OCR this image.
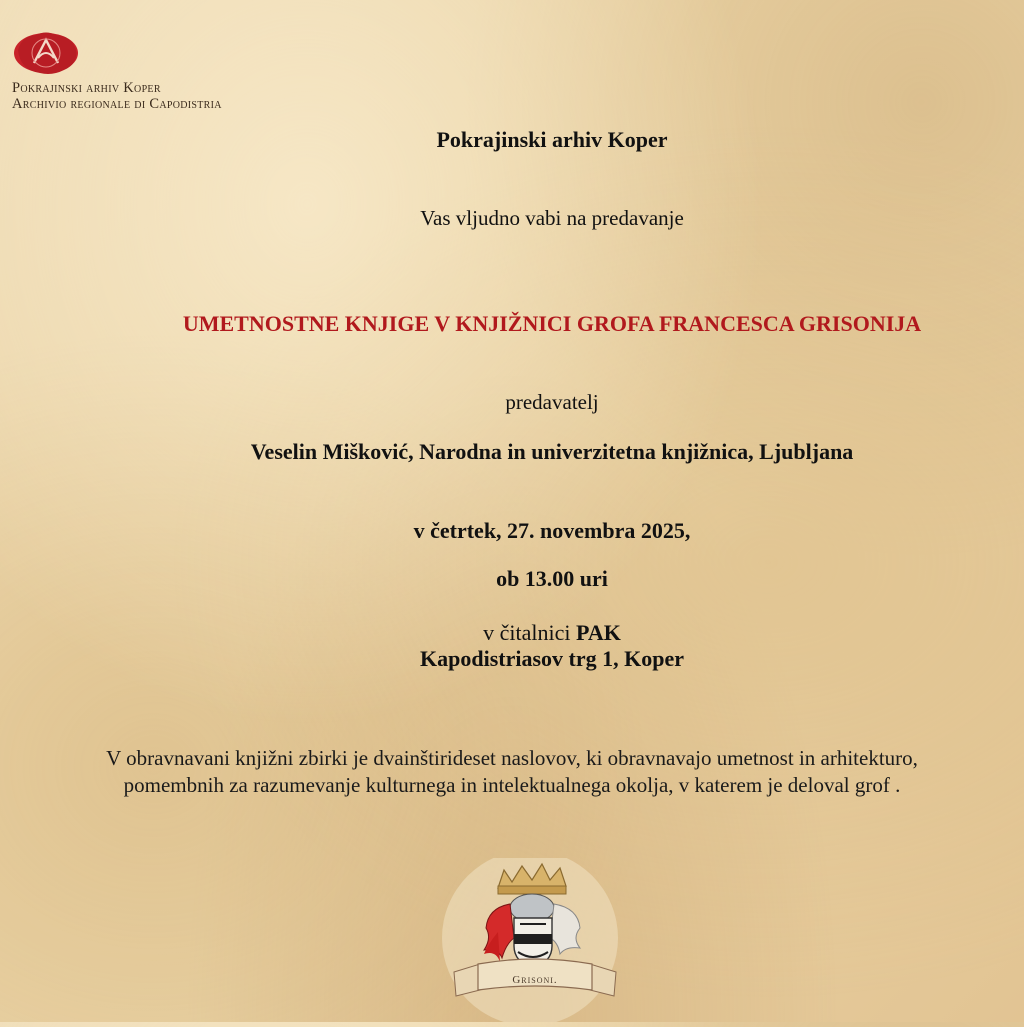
Pokrajinski arhiv Koper
Archivio regionale di Capodistria
Pokrajinski arhiv Koper
Vas vljudno vabi na predavanje
UMETNOSTNE KNJIGE V KNJIŽNICI GROFA FRANCESCA GRISONIJA
predavatelj
Veselin Mišković, Narodna in univerzitetna knjižnica, Ljubljana
v četrtek, 27. novembra 2025,
ob 13.00 uri
v čitalnici PAK
Kapodistriasov trg 1, Koper
V obravnavani knjižni zbirki je dvainštirideset naslovov, ki obravnavajo umetnost in arhitekturo,
pomembnih za razumevanje kulturnega in intelektualnega okolja, v katerem je deloval grof .
Grisoni.
